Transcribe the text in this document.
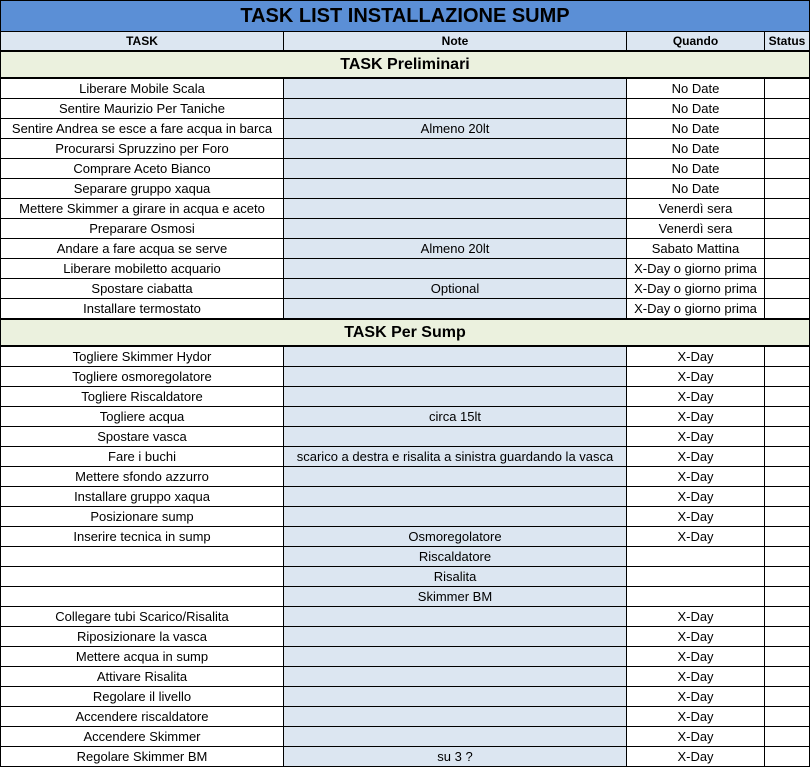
TASK LIST INSTALLAZIONE SUMP			
TASK	Note	Quando	Status
TASK Preliminari			
Liberare Mobile Scala		No Date	
Sentire Maurizio Per Taniche		No Date	
Sentire Andrea se esce a fare acqua in barca	Almeno 20lt	No Date	
Procurarsi Spruzzino per Foro		No Date	
Comprare Aceto Bianco		No Date	
Separare gruppo xaqua		No Date	
Mettere Skimmer a girare in acqua e aceto		Venerdì sera	
Preparare Osmosi		Venerdì sera	
Andare a fare acqua se serve	Almeno 20lt	Sabato Mattina	
Liberare mobiletto acquario		X-Day o giorno prima	
Spostare ciabatta	Optional	X-Day o giorno prima	
Installare termostato		X-Day o giorno prima	
TASK Per Sump			
Togliere Skimmer Hydor		X-Day	
Togliere osmoregolatore		X-Day	
Togliere Riscaldatore		X-Day	
Togliere acqua	circa 15lt	X-Day	
Spostare vasca		X-Day	
Fare i buchi	scarico a destra e risalita a sinistra guardando la vasca	X-Day	
Mettere sfondo azzurro		X-Day	
Installare gruppo xaqua		X-Day	
Posizionare sump		X-Day	
Inserire tecnica in sump	Osmoregolatore	X-Day	
	Riscaldatore		
	Risalita		
	Skimmer BM		
Collegare tubi Scarico/Risalita		X-Day	
Riposizionare la vasca		X-Day	
Mettere acqua in sump		X-Day	
Attivare Risalita		X-Day	
Regolare il livello		X-Day	
Accendere riscaldatore		X-Day	
Accendere Skimmer		X-Day	
Regolare Skimmer BM	su 3 ?	X-Day	
